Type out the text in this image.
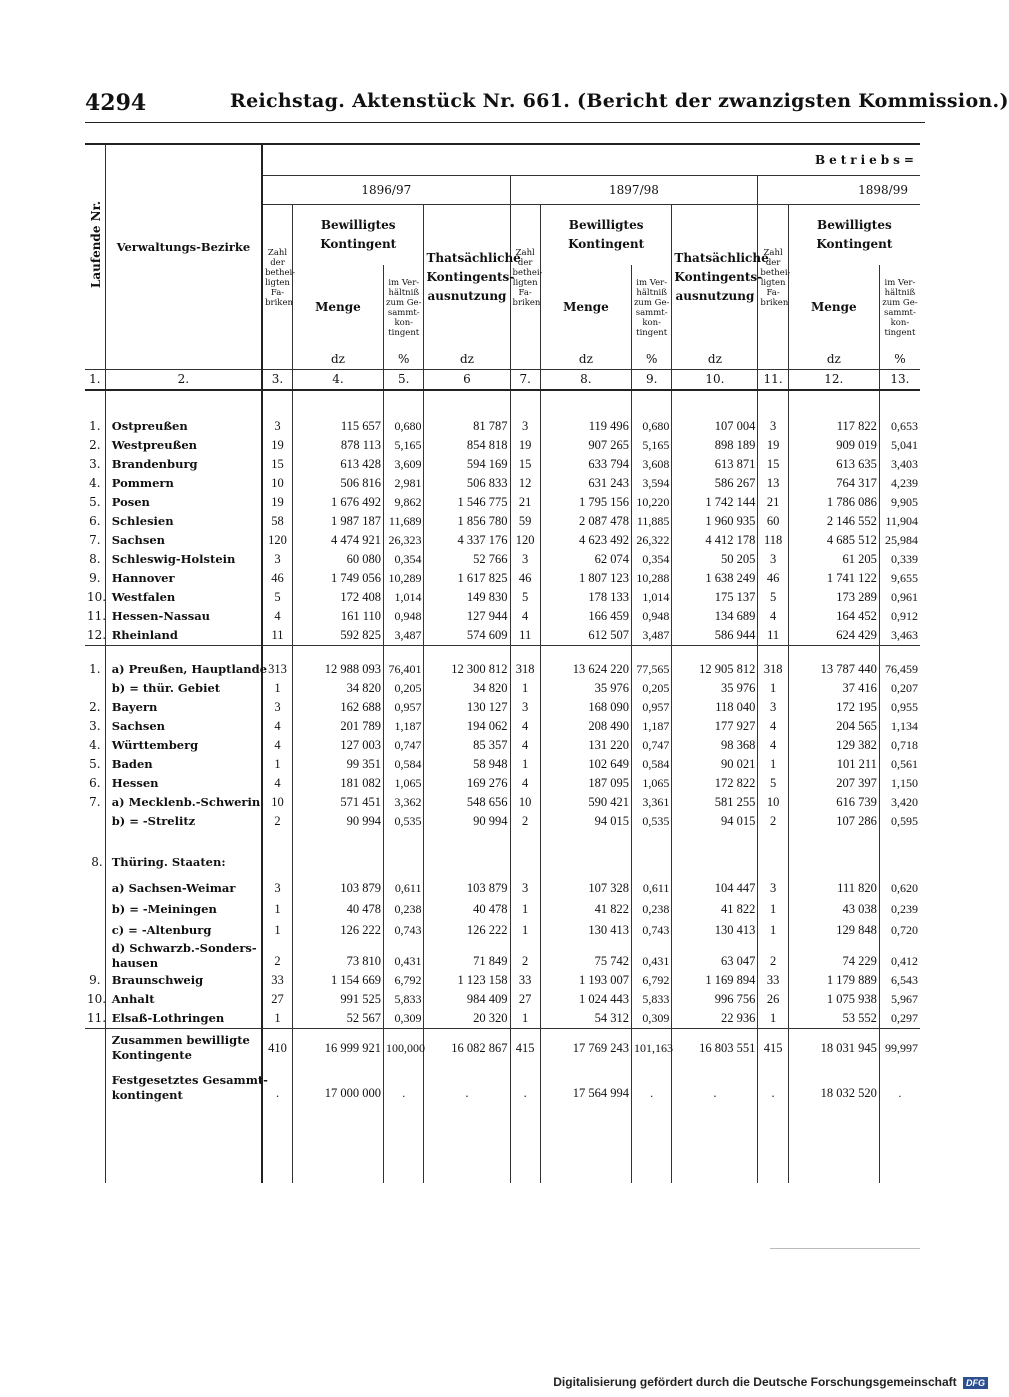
4294	Reichstag. Aktenstück Nr. 661. (Bericht der zwanzigsten Kommission.)
Laufende Nr.	Verwaltungs-Bezirke	Betriebs=										
		1896/97				1897/98				1898/99		
		Zahl der bethei- ligten Fa- briken	Bewilligtes Kontingent		Thatsächliche Kontingents- ausnutzung	Zahl der bethei- ligten Fa- briken	Bewilligtes Kontingent		Thatsächliche Kontingents- ausnutzung	Zahl der bethei- ligten Fa- briken	Bewilligtes Kontingent	
			Menge	im Ver- hältniß zum Ge- sammt- kon- tingent			Menge	im Ver- hältniß zum Ge- sammt- kon- tingent			Menge	im Ver- hältniß zum Ge- sammt- kon- tingent
			dz	%	dz		dz	%	dz		dz	%
1.	2.	3.	4.	5.	6	7.	8.	9.	10.	11.	12.	13.

1.	Ostpreußen	3	115 657	0,680	81 787	3	119 496	0,680	107 004	3	117 822	0,653
2.	Westpreußen	19	878 113	5,165	854 818	19	907 265	5,165	898 189	19	909 019	5,041
3.	Brandenburg	15	613 428	3,609	594 169	15	633 794	3,608	613 871	15	613 635	3,403
4.	Pommern	10	506 816	2,981	506 833	12	631 243	3,594	586 267	13	764 317	4,239
5.	Posen	19	1 676 492	9,862	1 546 775	21	1 795 156	10,220	1 742 144	21	1 786 086	9,905
6.	Schlesien	58	1 987 187	11,689	1 856 780	59	2 087 478	11,885	1 960 935	60	2 146 552	11,904
7.	Sachsen	120	4 474 921	26,323	4 337 176	120	4 623 492	26,322	4 412 178	118	4 685 512	25,984
8.	Schleswig-Holstein	3	60 080	0,354	52 766	3	62 074	0,354	50 205	3	61 205	0,339
9.	Hannover	46	1 749 056	10,289	1 617 825	46	1 807 123	10,288	1 638 249	46	1 741 122	9,655
10.	Westfalen	5	172 408	1,014	149 830	5	178 133	1,014	175 137	5	173 289	0,961
11.	Hessen-Nassau	4	161 110	0,948	127 944	4	166 459	0,948	134 689	4	164 452	0,912
12.	Rheinland	11	592 825	3,487	574 609	11	612 507	3,487	586 944	11	624 429	3,463

1.	a) Preußen, Hauptlande	313	12 988 093	76,401	12 300 812	318	13 624 220	77,565	12 905 812	318	13 787 440	76,459
	b) = thür. Gebiet	1	34 820	0,205	34 820	1	35 976	0,205	35 976	1	37 416	0,207
2.	Bayern	3	162 688	0,957	130 127	3	168 090	0,957	118 040	3	172 195	0,955
3.	Sachsen	4	201 789	1,187	194 062	4	208 490	1,187	177 927	4	204 565	1,134
4.	Württemberg	4	127 003	0,747	85 357	4	131 220	0,747	98 368	4	129 382	0,718
5.	Baden	1	99 351	0,584	58 948	1	102 649	0,584	90 021	1	101 211	0,561
6.	Hessen	4	181 082	1,065	169 276	4	187 095	1,065	172 822	5	207 397	1,150
7.	a) Mecklenb.-Schwerin	10	571 451	3,362	548 656	10	590 421	3,361	581 255	10	616 739	3,420
	b) = -Strelitz	2	90 994	0,535	90 994	2	94 015	0,535	94 015	2	107 286	0,595

8.	Thüring. Staaten:											

	a) Sachsen-Weimar	3	103 879	0,611	103 879	3	107 328	0,611	104 447	3	111 820	0,620
	b) = -Meiningen	1	40 478	0,238	40 478	1	41 822	0,238	41 822	1	43 038	0,239
	c) = -Altenburg	1	126 222	0,743	126 222	1	130 413	0,743	130 413	1	129 848	0,720

	d) Schwarzb.-Sonders-
hausen	2	73 810	0,431	71 849	2	75 742	0,431	63 047	2	74 229	0,412
9.	Braunschweig	33	1 154 669	6,792	1 123 158	33	1 193 007	6,792	1 169 894	33	1 179 889	6,543
10.	Anhalt	27	991 525	5,833	984 409	27	1 024 443	5,833	996 756	26	1 075 938	5,967
11.	Elsaß-Lothringen	1	52 567	0,309	20 320	1	54 312	0,309	22 936	1	53 552	0,297

	Zusammen bewilligte
Kontingente	410	16 999 921	100,000	16 082 867	415	17 769 243	101,163	16 803 551	415	18 031 945	99,997

	Festgesetztes Gesammt-
kontingent	.	17 000 000	.	.	.	17 564 994	.	.	.	18 032 520	.

Digitalisierung gefördert durch die Deutsche Forschungsgemeinschaft DFG
